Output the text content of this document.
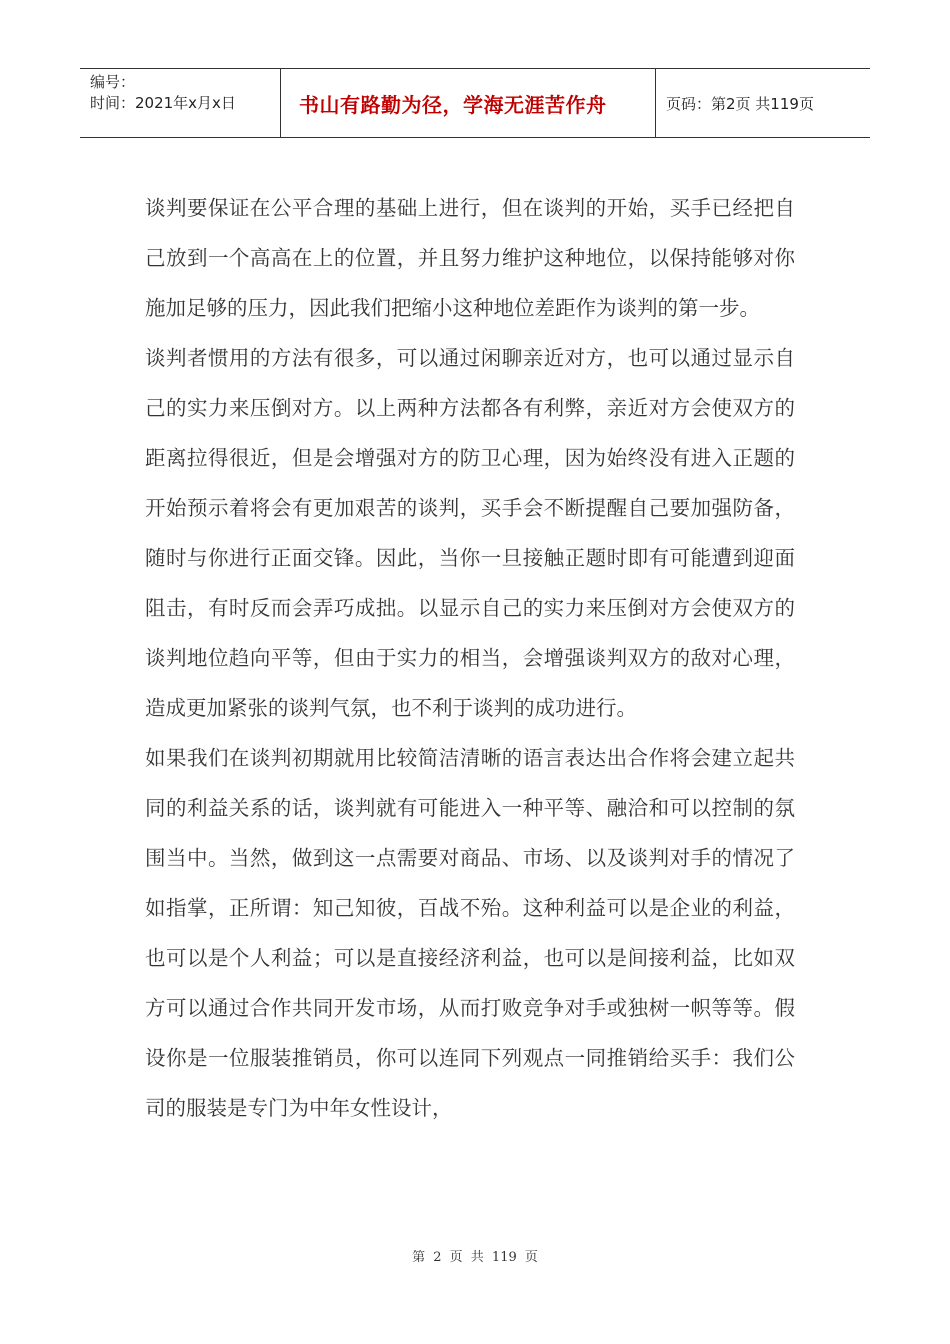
编号：
时间：2021年x月x日	书山有路勤为径，学海无涯苦作舟	页码：第2页 共119页

谈判要保证在公平合理的基础上进行，但在谈判的开始，买手已经把自己放到一个高高在上的位置，并且努力维护这种地位，以保持能够对你施加足够的压力，因此我们把缩小这种地位差距作为谈判的第一步。

谈判者惯用的方法有很多，可以通过闲聊亲近对方，也可以通过显示自己的实力来压倒对方。以上两种方法都各有利弊，亲近对方会使双方的距离拉得很近，但是会增强对方的防卫心理，因为始终没有进入正题的开始预示着将会有更加艰苦的谈判，买手会不断提醒自己要加强防备，随时与你进行正面交锋。因此，当你一旦接触正题时即有可能遭到迎面阻击，有时反而会弄巧成拙。以显示自己的实力来压倒对方会使双方的谈判地位趋向平等，但由于实力的相当，会增强谈判双方的敌对心理，造成更加紧张的谈判气氛，也不利于谈判的成功进行。

如果我们在谈判初期就用比较简洁清晰的语言表达出合作将会建立起共同的利益关系的话，谈判就有可能进入一种平等、融洽和可以控制的氛围当中。当然，做到这一点需要对商品、市场、以及谈判对手的情况了如指掌，正所谓：知己知彼，百战不殆。这种利益可以是企业的利益，也可以是个人利益；可以是直接经济利益，也可以是间接利益，比如双方可以通过合作共同开发市场，从而打败竞争对手或独树一帜等等。假设你是一位服装推销员，你可以连同下列观点一同推销给买手：我们公司的服装是专门为中年女性设计，

第 2 页 共 119 页
